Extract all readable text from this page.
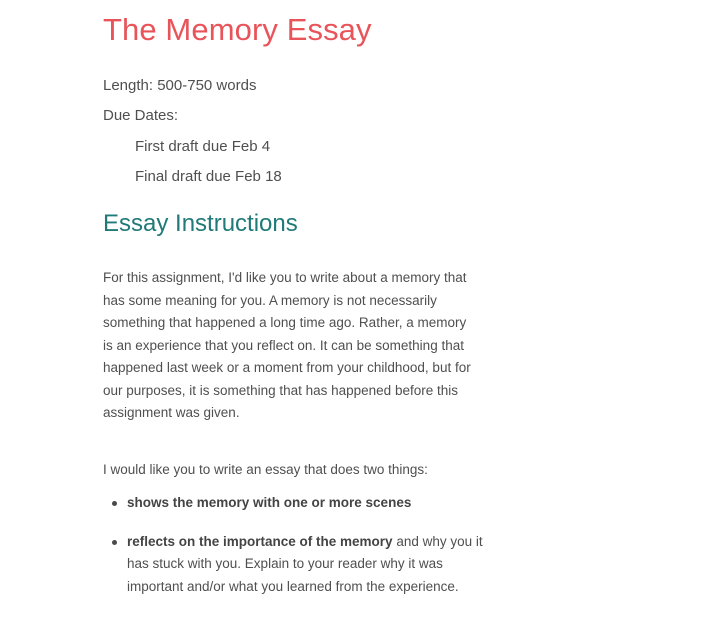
The Memory Essay

Length: 500-750 words

Due Dates:

First draft due Feb 4

Final draft due Feb 18

Essay Instructions

For this assignment, I'd like you to write about a memory that has some meaning for you. A memory is not necessarily something that happened a long time ago. Rather, a memory is an experience that you reflect on. It can be something that happened last week or a moment from your childhood, but for our purposes, it is something that has happened before this assignment was given.

I would like you to write an essay that does two things:

shows the memory with one or more scenes
reflects on the importance of the memory and why you it has stuck with you. Explain to your reader why it was important and/or what you learned from the experience.
